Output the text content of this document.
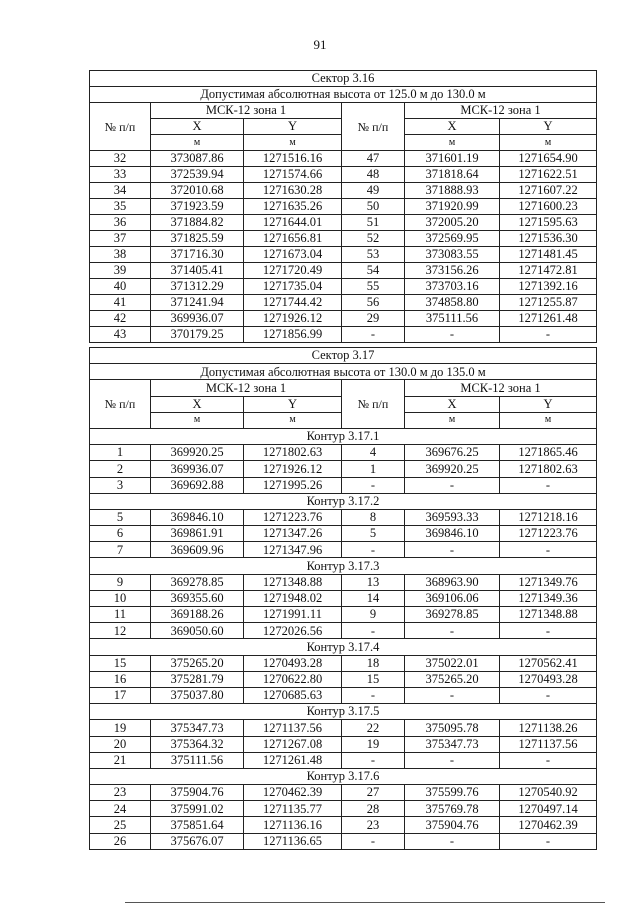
91
Сектор 3.16					
Допустимая абсолютная высота от 125.0 м до 130.0 м					
№ п/п	МСК-12 зона 1		№ п/п	МСК-12 зона 1	
	X	Y		X	Y
	м	м		м	м
32	373087.86	1271516.16	47	371601.19	1271654.90
33	372539.94	1271574.66	48	371818.64	1271622.51
34	372010.68	1271630.28	49	371888.93	1271607.22
35	371923.59	1271635.26	50	371920.99	1271600.23
36	371884.82	1271644.01	51	372005.20	1271595.63
37	371825.59	1271656.81	52	372569.95	1271536.30
38	371716.30	1271673.04	53	373083.55	1271481.45
39	371405.41	1271720.49	54	373156.26	1271472.81
40	371312.29	1271735.04	55	373703.16	1271392.16
41	371241.94	1271744.42	56	374858.80	1271255.87
42	369936.07	1271926.12	29	375111.56	1271261.48
43	370179.25	1271856.99	-	-	-
Сектор 3.17					
Допустимая абсолютная высота от 130.0 м до 135.0 м					
№ п/п	МСК-12 зона 1		№ п/п	МСК-12 зона 1	
	X	Y		X	Y
	м	м		м	м
Контур 3.17.1					
1	369920.25	1271802.63	4	369676.25	1271865.46
2	369936.07	1271926.12	1	369920.25	1271802.63
3	369692.88	1271995.26	-	-	-
Контур 3.17.2					
5	369846.10	1271223.76	8	369593.33	1271218.16
6	369861.91	1271347.26	5	369846.10	1271223.76
7	369609.96	1271347.96	-	-	-
Контур 3.17.3					
9	369278.85	1271348.88	13	368963.90	1271349.76
10	369355.60	1271948.02	14	369106.06	1271349.36
11	369188.26	1271991.11	9	369278.85	1271348.88
12	369050.60	1272026.56	-	-	-
Контур 3.17.4					
15	375265.20	1270493.28	18	375022.01	1270562.41
16	375281.79	1270622.80	15	375265.20	1270493.28
17	375037.80	1270685.63	-	-	-
Контур 3.17.5					
19	375347.73	1271137.56	22	375095.78	1271138.26
20	375364.32	1271267.08	19	375347.73	1271137.56
21	375111.56	1271261.48	-	-	-
Контур 3.17.6					
23	375904.76	1270462.39	27	375599.76	1270540.92
24	375991.02	1271135.77	28	375769.78	1270497.14
25	375851.64	1271136.16	23	375904.76	1270462.39
26	375676.07	1271136.65	-	-	-
